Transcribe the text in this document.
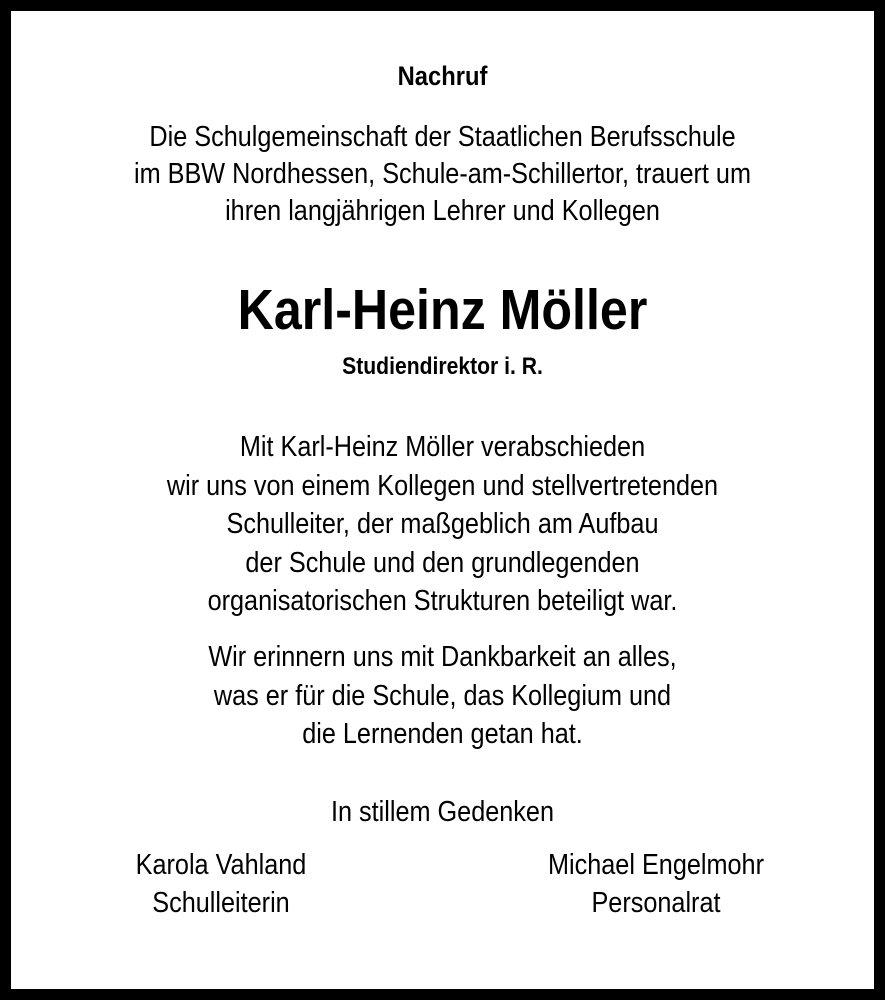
Nachruf
Die Schulgemeinschaft der Staatlichen Berufsschule
im BBW Nordhessen, Schule-am-Schillertor, trauert um
ihren langjährigen Lehrer und Kollegen
Karl-Heinz Möller
Studiendirektor i. R.
Mit Karl-Heinz Möller verabschieden
wir uns von einem Kollegen und stellvertretenden
Schulleiter, der maßgeblich am Aufbau
der Schule und den grundlegenden
organisatorischen Strukturen beteiligt war.
Wir erinnern uns mit Dankbarkeit an alles,
was er für die Schule, das Kollegium und
die Lernenden getan hat.
In stillem Gedenken
Karola Vahland
Schulleiterin
Michael Engelmohr
Personalrat
